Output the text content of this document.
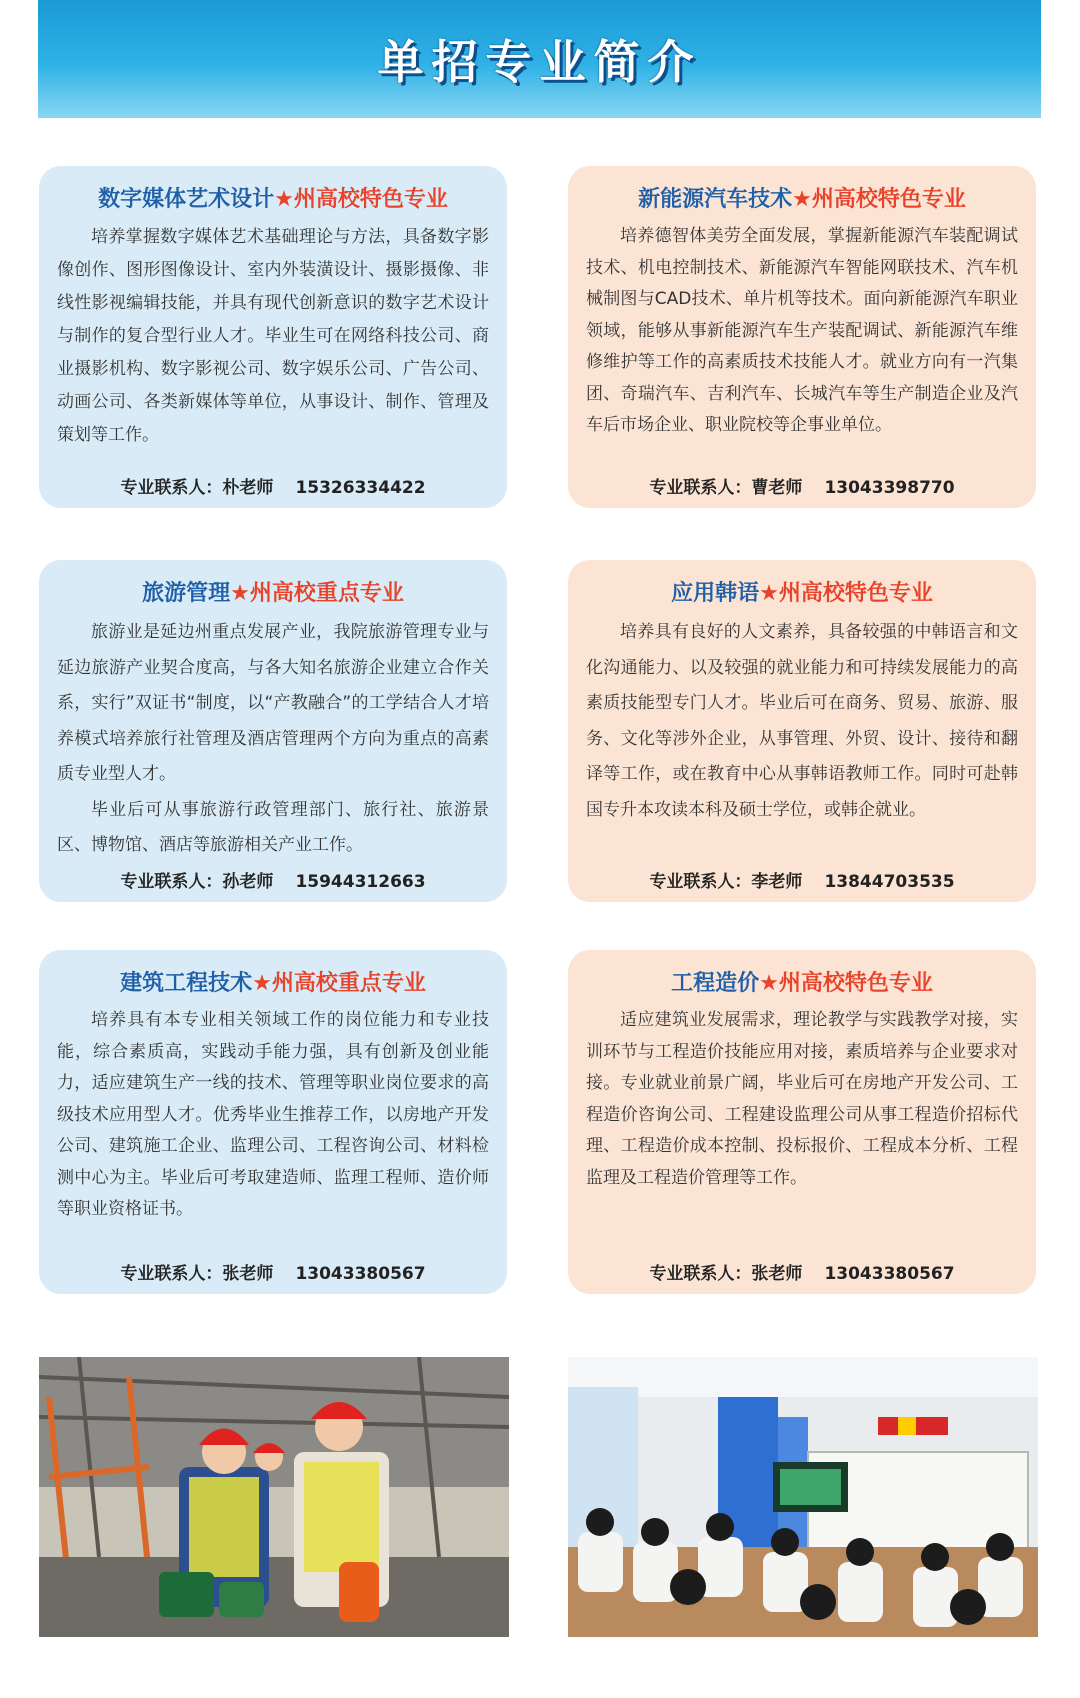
单招专业简介
数字媒体艺术设计★州高校特色专业

培养掌握数字媒体艺术基础理论与方法，具备数字影像创作、图形图像设计、室内外装潢设计、摄影摄像、非线性影视编辑技能，并具有现代创新意识的数字艺术设计与制作的复合型行业人才。毕业生可在网络科技公司、商业摄影机构、数字影视公司、数字娱乐公司、广告公司、动画公司、各类新媒体等单位，从事设计、制作、管理及策划等工作。

专业联系人：朴老师 15326334422
新能源汽车技术★州高校特色专业

培养德智体美劳全面发展，掌握新能源汽车装配调试技术、机电控制技术、新能源汽车智能网联技术、汽车机械制图与CAD技术、单片机等技术。面向新能源汽车职业领域，能够从事新能源汽车生产装配调试、新能源汽车维修维护等工作的高素质技术技能人才。就业方向有一汽集团、奇瑞汽车、吉利汽车、长城汽车等生产制造企业及汽车后市场企业、职业院校等企事业单位。

专业联系人：曹老师 13043398770
旅游管理★州高校重点专业

旅游业是延边州重点发展产业，我院旅游管理专业与延边旅游产业契合度高，与各大知名旅游企业建立合作关系，实行”双证书“制度，以“产教融合”的工学结合人才培养模式培养旅行社管理及酒店管理两个方向为重点的高素质专业型人才。

毕业后可从事旅游行政管理部门、旅行社、旅游景区、博物馆、酒店等旅游相关产业工作。

专业联系人：孙老师 15944312663
应用韩语★州高校特色专业

培养具有良好的人文素养，具备较强的中韩语言和文化沟通能力、以及较强的就业能力和可持续发展能力的高素质技能型专门人才。毕业后可在商务、贸易、旅游、服务、文化等涉外企业，从事管理、外贸、设计、接待和翻译等工作，或在教育中心从事韩语教师工作。同时可赴韩国专升本攻读本科及硕士学位，或韩企就业。

专业联系人：李老师 13844703535
建筑工程技术★州高校重点专业

培养具有本专业相关领域工作的岗位能力和专业技能，综合素质高，实践动手能力强，具有创新及创业能力，适应建筑生产一线的技术、管理等职业岗位要求的高级技术应用型人才。优秀毕业生推荐工作，以房地产开发公司、建筑施工企业、监理公司、工程咨询公司、材料检测中心为主。毕业后可考取建造师、监理工程师、造价师等职业资格证书。

专业联系人：张老师 13043380567
工程造价★州高校特色专业

适应建筑业发展需求，理论教学与实践教学对接，实训环节与工程造价技能应用对接，素质培养与企业要求对接。专业就业前景广阔，毕业后可在房地产开发公司、工程造价咨询公司、工程建设监理公司从事工程造价招标代理、工程造价成本控制、投标报价、工程成本分析、工程监理及工程造价管理等工作。

专业联系人：张老师 13043380567
